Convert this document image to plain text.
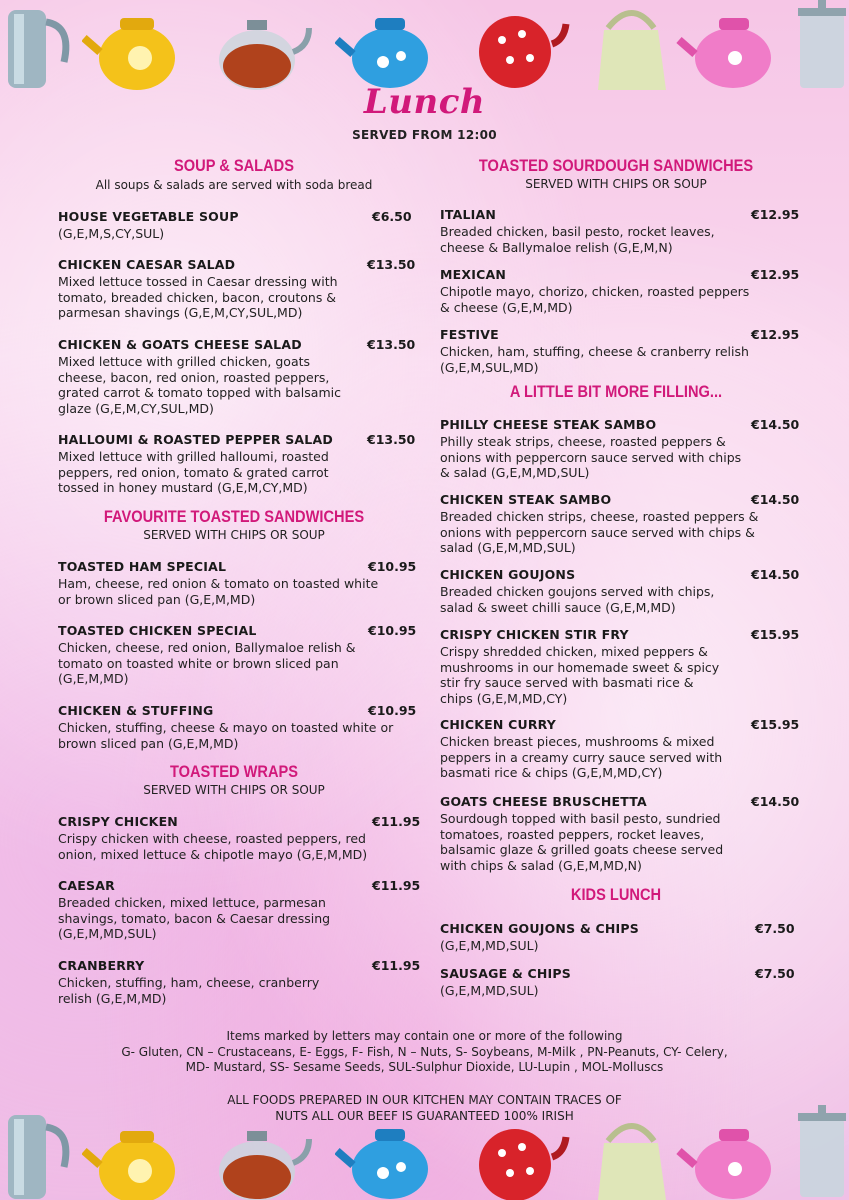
Lunch
SERVED FROM 12:00
SOUP & SALADS
All soups & salads are served with soda bread
HOUSE VEGETABLE SOUP	€6.50
(G,E,M,S,CY,SUL)
CHICKEN CAESAR SALAD	€13.50
Mixed lettuce tossed in Caesar dressing with tomato, breaded chicken, bacon, croutons & parmesan shavings (G,E,M,CY,SUL,MD)
CHICKEN & GOATS CHEESE SALAD	€13.50
Mixed lettuce with grilled chicken, goats cheese, bacon, red onion, roasted peppers, grated carrot & tomato topped with balsamic glaze (G,E,M,CY,SUL,MD)
HALLOUMI & ROASTED PEPPER SALAD	€13.50
Mixed lettuce with grilled halloumi, roasted peppers, red onion, tomato & grated carrot tossed in honey mustard (G,E,M,CY,MD)
FAVOURITE TOASTED SANDWICHES
SERVED WITH CHIPS OR SOUP
TOASTED HAM SPECIAL	€10.95
Ham, cheese, red onion & tomato on toasted white or brown sliced pan (G,E,M,MD)
TOASTED CHICKEN SPECIAL	€10.95
Chicken, cheese, red onion, Ballymaloe relish & tomato on toasted white or brown sliced pan (G,E,M,MD)
CHICKEN & STUFFING	€10.95
Chicken, stuffing, cheese & mayo on toasted white or brown sliced pan (G,E,M,MD)
TOASTED WRAPS
SERVED WITH CHIPS OR SOUP
CRISPY CHICKEN	€11.95
Crispy chicken with cheese, roasted peppers, red onion, mixed lettuce & chipotle mayo (G,E,M,MD)
CAESAR	€11.95
Breaded chicken, mixed lettuce, parmesan shavings, tomato, bacon & Caesar dressing (G,E,M,MD,SUL)
CRANBERRY	€11.95
Chicken, stuffing, ham, cheese, cranberry relish (G,E,M,MD)
TOASTED SOURDOUGH SANDWICHES
SERVED WITH CHIPS OR SOUP
ITALIAN	€12.95
Breaded chicken, basil pesto, rocket leaves, cheese & Ballymaloe relish (G,E,M,N)
MEXICAN	€12.95
Chipotle mayo, chorizo, chicken, roasted peppers & cheese (G,E,M,MD)
FESTIVE	€12.95
Chicken, ham, stuffing, cheese & cranberry relish (G,E,M,SUL,MD)
A LITTLE BIT MORE FILLING...
PHILLY CHEESE STEAK SAMBO	€14.50
Philly steak strips, cheese, roasted peppers & onions with peppercorn sauce served with chips & salad (G,E,M,MD,SUL)
CHICKEN STEAK SAMBO	€14.50
Breaded chicken strips, cheese, roasted peppers & onions with peppercorn sauce served with chips & salad (G,E,M,MD,SUL)
CHICKEN GOUJONS	€14.50
Breaded chicken goujons served with chips, salad & sweet chilli sauce (G,E,M,MD)
CRISPY CHICKEN STIR FRY	€15.95
Crispy shredded chicken, mixed peppers & mushrooms in our homemade sweet & spicy stir fry sauce served with basmati rice & chips (G,E,M,MD,CY)
CHICKEN CURRY	€15.95
Chicken breast pieces, mushrooms & mixed peppers in a creamy curry sauce served with basmati rice & chips (G,E,M,MD,CY)
GOATS CHEESE BRUSCHETTA	€14.50
Sourdough topped with basil pesto, sundried tomatoes, roasted peppers, rocket leaves, balsamic glaze & grilled goats cheese served with chips & salad (G,E,M,MD,N)
KIDS LUNCH
CHICKEN GOUJONS & CHIPS	€7.50
(G,E,M,MD,SUL)
SAUSAGE & CHIPS	€7.50
(G,E,M,MD,SUL)
Items marked by letters may contain one or more of the following
G- Gluten, CN – Crustaceans, E- Eggs, F- Fish, N – Nuts, S- Soybeans, M-Milk , PN-Peanuts, CY- Celery,
MD- Mustard, SS- Sesame Seeds, SUL-Sulphur Dioxide, LU-Lupin , MOL-Molluscs
ALL FOODS PREPARED IN OUR KITCHEN MAY CONTAIN TRACES OF
NUTS ALL OUR BEEF IS GUARANTEED 100% IRISH
